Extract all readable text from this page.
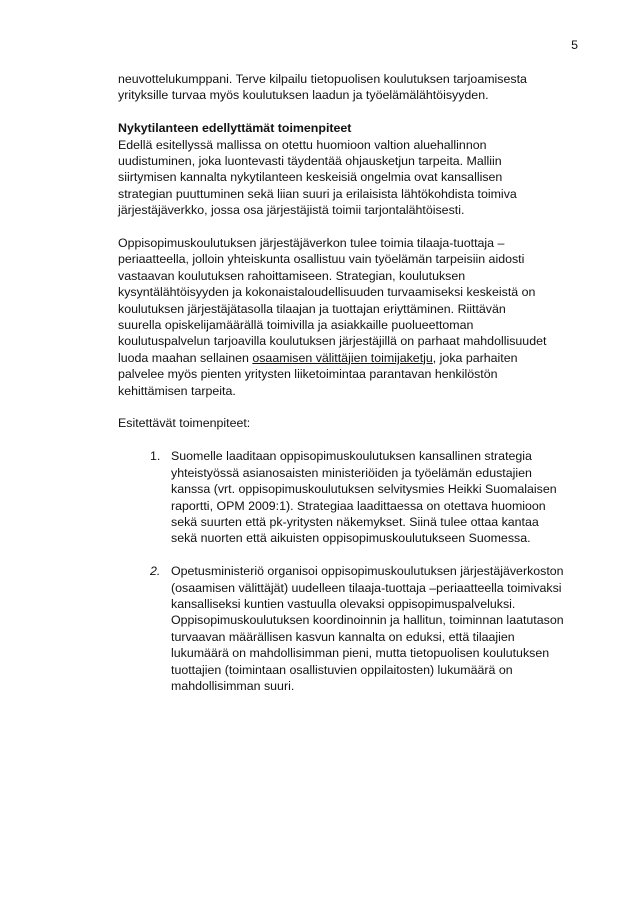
5

neuvottelukumppani. Terve kilpailu tietopuolisen koulutuksen tarjoamisesta
yrityksille turvaa myös koulutuksen laadun ja työelämälähtöisyyden.

Nykytilanteen edellyttämät toimenpiteet
Edellä esitellyssä mallissa on otettu huomioon valtion aluehallinnon
uudistuminen, joka luontevasti täydentää ohjausketjun tarpeita. Malliin
siirtymisen kannalta nykytilanteen keskeisiä ongelmia ovat kansallisen
strategian puuttuminen sekä liian suuri ja erilaisista lähtökohdista toimiva
järjestäjäverkko, jossa osa järjestäjistä toimii tarjontalähtöisesti.

Oppisopimuskoulutuksen järjestäjäverkon tulee toimia tilaaja-tuottaja –
periaatteella, jolloin yhteiskunta osallistuu vain työelämän tarpeisiin aidosti
vastaavan koulutuksen rahoittamiseen. Strategian, koulutuksen
kysyntälähtöisyyden ja kokonaistaloudellisuuden turvaamiseksi keskeistä on
koulutuksen järjestäjätasolla tilaajan ja tuottajan eriyttäminen. Riittävän
suurella opiskelijamäärällä toimivilla ja asiakkaille puolueettoman
koulutuspalvelun tarjoavilla koulutuksen järjestäjillä on parhaat mahdollisuudet
luoda maahan sellainen osaamisen välittäjien toimijaketju, joka parhaiten
palvelee myös pienten yritysten liiketoimintaa parantavan henkilöstön
kehittämisen tarpeita.

Esitettävät toimenpiteet:

1. Suomelle laaditaan oppisopimuskoulutuksen kansallinen strategia
yhteistyössä asianosaisten ministeriöiden ja työelämän edustajien
kanssa (vrt. oppisopimuskoulutuksen selvitysmies Heikki Suomalaisen
raportti, OPM 2009:1). Strategiaa laadittaessa on otettava huomioon
sekä suurten että pk-yritysten näkemykset. Siinä tulee ottaa kantaa
sekä nuorten että aikuisten oppisopimuskoulutukseen Suomessa.
2. Opetusministeriö organisoi oppisopimuskoulutuksen järjestäjäverkoston
(osaamisen välittäjät) uudelleen tilaaja-tuottaja –periaatteella toimivaksi
kansalliseksi kuntien vastuulla olevaksi oppisopimuspalveluksi.
Oppisopimuskoulutuksen koordinoinnin ja hallitun, toiminnan laatutason
turvaavan määrällisen kasvun kannalta on eduksi, että tilaajien
lukumäärä on mahdollisimman pieni, mutta tietopuolisen koulutuksen
tuottajien (toimintaan osallistuvien oppilaitosten) lukumäärä on
mahdollisimman suuri.
